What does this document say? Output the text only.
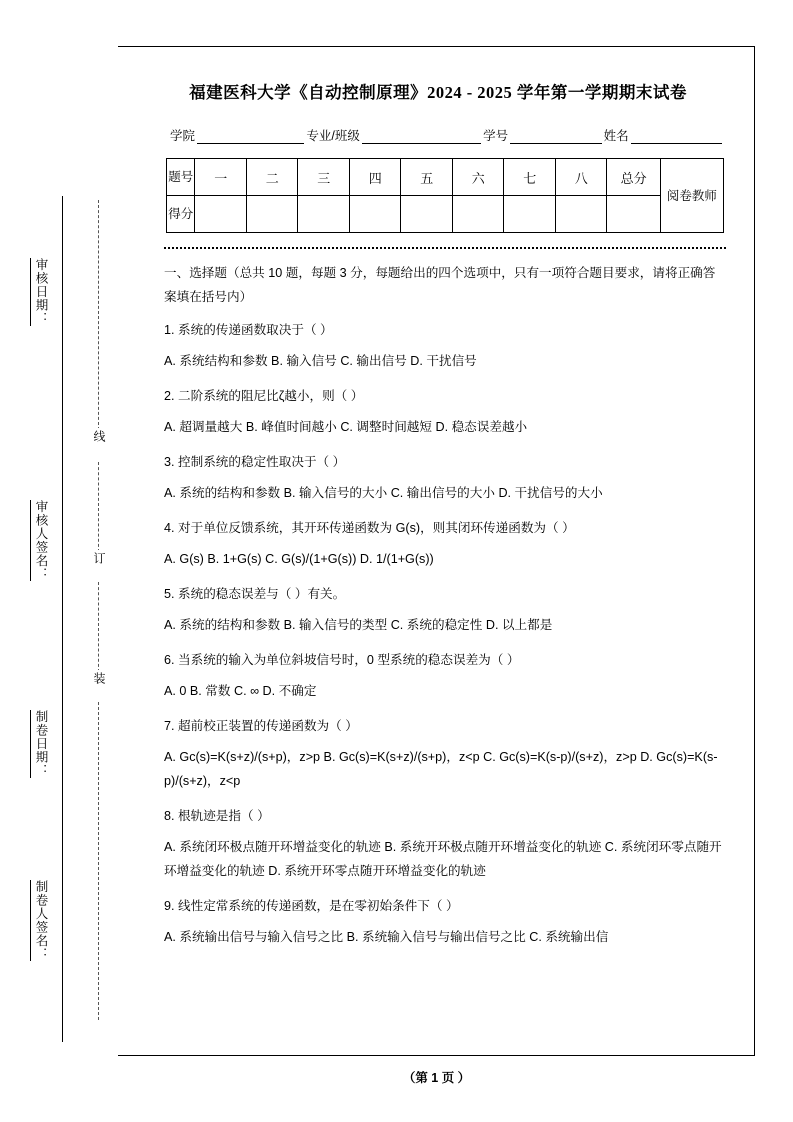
审核日期：
审核人签名：
制卷日期：
制卷人签名：
线
订
装
福建医科大学《自动控制原理》2024 - 2025 学年第一学期期末试卷
学院	专业/班级	学号	姓名
题号	一	二	三	四	五	六	七	八	总分	阅卷教师
得分										

一、选择题（总共 10 题，每题 3 分，每题给出的四个选项中，只有一项符合题目要求，请将正确答案填在括号内）

1. 系统的传递函数取决于（ ）

A. 系统结构和参数 B. 输入信号 C. 输出信号 D. 干扰信号

2. 二阶系统的阻尼比ζ越小，则（ ）

A. 超调量越大 B. 峰值时间越小 C. 调整时间越短 D. 稳态误差越小

3. 控制系统的稳定性取决于（ ）

A. 系统的结构和参数 B. 输入信号的大小 C. 输出信号的大小 D. 干扰信号的大小

4. 对于单位反馈系统，其开环传递函数为 G(s)，则其闭环传递函数为（ ）

A. G(s) B. 1+G(s) C. G(s)/(1+G(s)) D. 1/(1+G(s))

5. 系统的稳态误差与（ ）有关。

A. 系统的结构和参数 B. 输入信号的类型 C. 系统的稳定性 D. 以上都是

6. 当系统的输入为单位斜坡信号时，0 型系统的稳态误差为（ ）

A. 0 B. 常数 C. ∞ D. 不确定

7. 超前校正装置的传递函数为（ ）

A. Gc(s)=K(s+z)/(s+p)，z>p B. Gc(s)=K(s+z)/(s+p)，z<p C. Gc(s)=K(s-p)/(s+z)，z>p D. Gc(s)=K(s-p)/(s+z)，z<p

8. 根轨迹是指（ ）

A. 系统闭环极点随开环增益变化的轨迹 B. 系统开环极点随开环增益变化的轨迹 C. 系统闭环零点随开环增益变化的轨迹 D. 系统开环零点随开环增益变化的轨迹

9. 线性定常系统的传递函数，是在零初始条件下（ ）

A. 系统输出信号与输入信号之比 B. 系统输入信号与输出信号之比 C. 系统输出信

（第 1 页 ）
